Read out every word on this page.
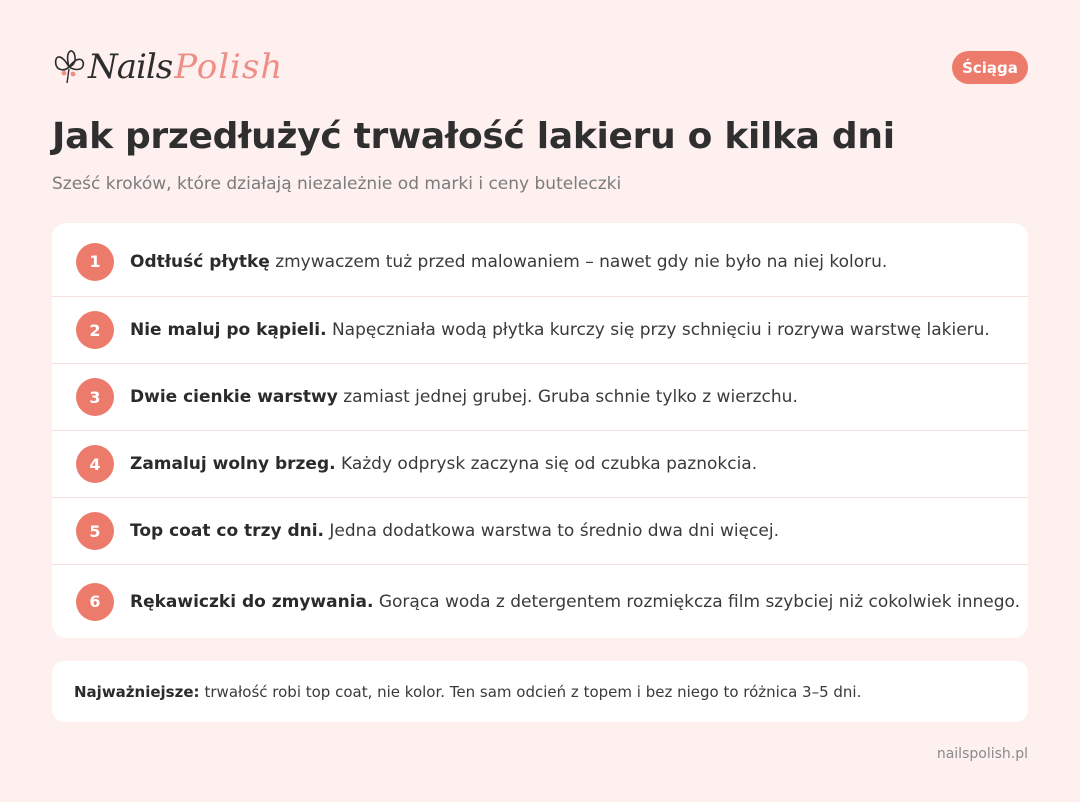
Nails Polish	Ściąga
Jak przedłużyć trwałość lakieru o kilka dni
Sześć kroków, które działają niezależnie od marki i ceny buteleczki
1	Odtłuść płytkę zmywaczem tuż przed malowaniem – nawet gdy nie było na niej koloru.
2	Nie maluj po kąpieli. Napęczniała wodą płytka kurczy się przy schnięciu i rozrywa warstwę lakieru.
3	Dwie cienkie warstwy zamiast jednej grubej. Gruba schnie tylko z wierzchu.
4	Zamaluj wolny brzeg. Każdy odprysk zaczyna się od czubka paznokcia.
5	Top coat co trzy dni. Jedna dodatkowa warstwa to średnio dwa dni więcej.
6	Rękawiczki do zmywania. Gorąca woda z detergentem rozmiękcza film szybciej niż cokolwiek innego.
Najważniejsze: trwałość robi top coat, nie kolor. Ten sam odcień z topem i bez niego to różnica 3–5 dni.
nailspolish.pl
